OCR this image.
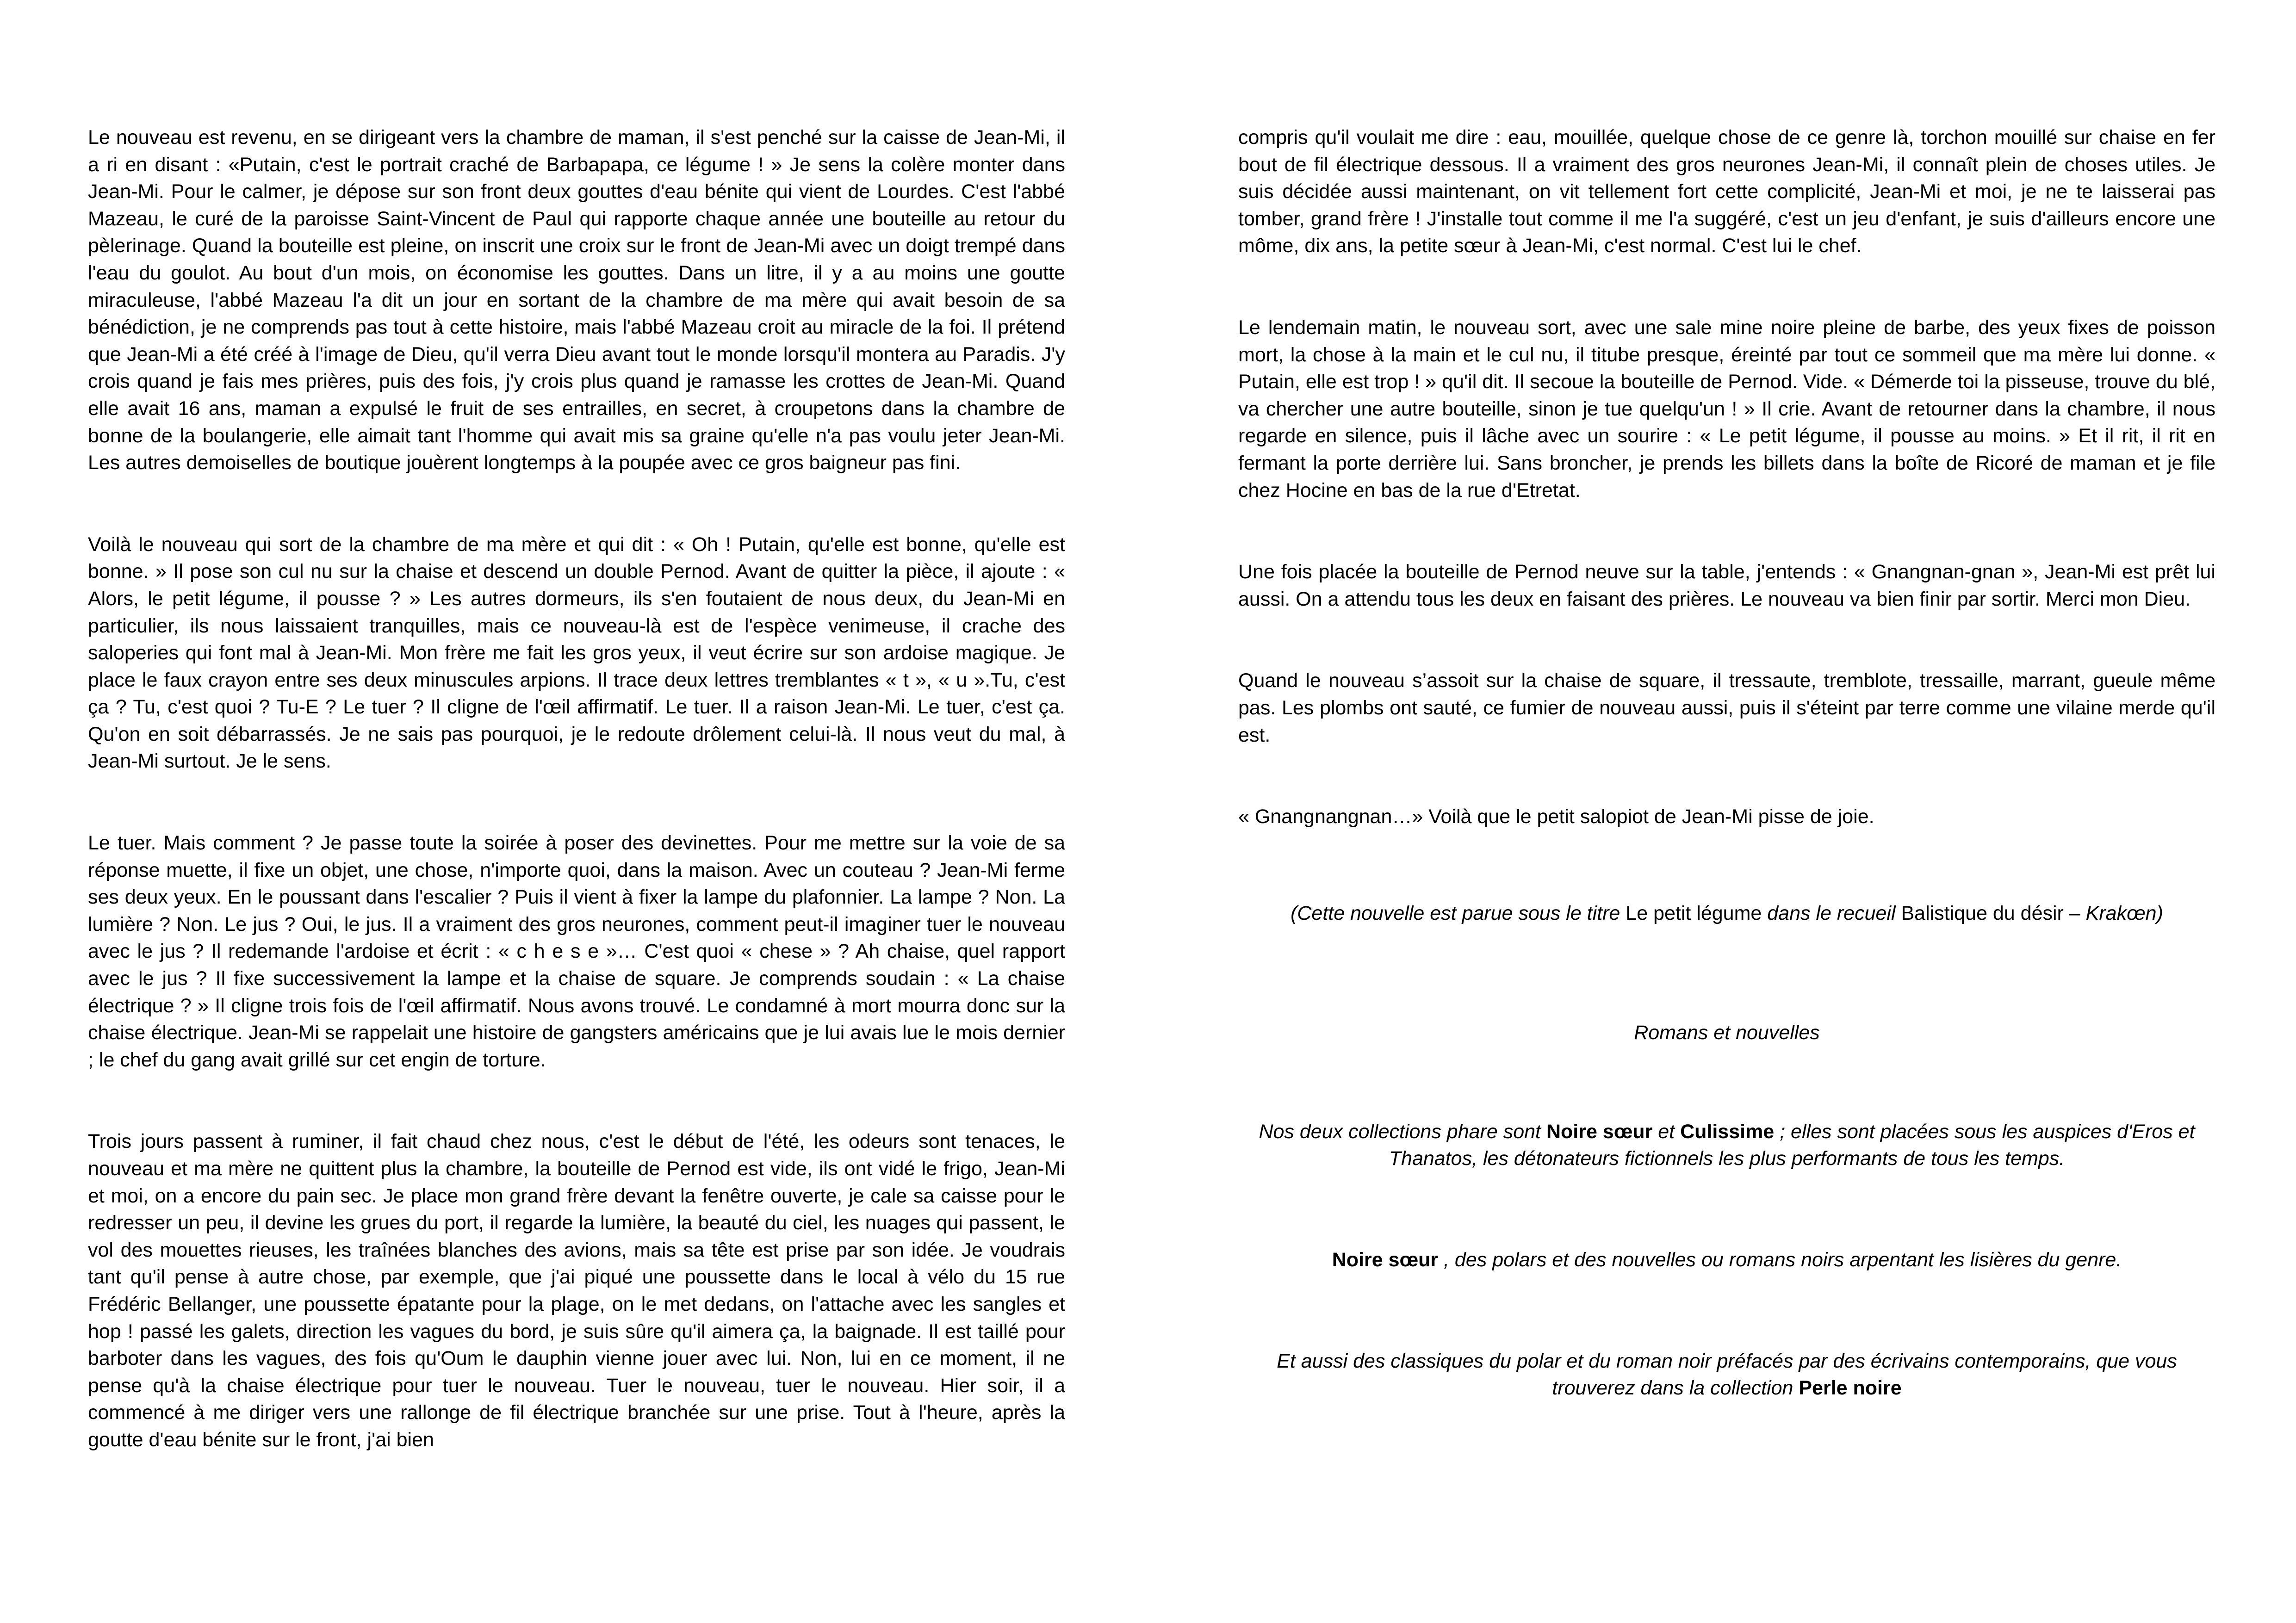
Le nouveau est revenu, en se dirigeant vers la chambre de maman, il s'est penché sur la caisse de Jean-Mi, il a ri en disant : «Putain, c'est le portrait craché de Barbapapa, ce légume ! » Je sens la colère monter dans Jean-Mi. Pour le calmer, je dépose sur son front deux gouttes d'eau bénite qui vient de Lourdes. C'est l'abbé Mazeau, le curé de la paroisse Saint-Vincent de Paul qui rapporte chaque année une bouteille au retour du pèlerinage. Quand la bouteille est pleine, on inscrit une croix sur le front de Jean-Mi avec un doigt trempé dans l'eau du goulot. Au bout d'un mois, on économise les gouttes. Dans un litre, il y a au moins une goutte miraculeuse, l'abbé Mazeau l'a dit un jour en sortant de la chambre de ma mère qui avait besoin de sa bénédiction, je ne comprends pas tout à cette histoire, mais l'abbé Mazeau croit au miracle de la foi. Il prétend que Jean-Mi a été créé à l'image de Dieu, qu'il verra Dieu avant tout le monde lorsqu'il montera au Paradis. J'y crois quand je fais mes prières, puis des fois, j'y crois plus quand je ramasse les crottes de Jean-Mi. Quand elle avait 16 ans, maman a expulsé le fruit de ses entrailles, en secret, à croupetons dans la chambre de bonne de la boulangerie, elle aimait tant l'homme qui avait mis sa graine qu'elle n'a pas voulu jeter Jean-Mi. Les autres demoiselles de boutique jouèrent longtemps à la poupée avec ce gros baigneur pas fini.

Voilà le nouveau qui sort de la chambre de ma mère et qui dit : « Oh ! Putain, qu'elle est bonne, qu'elle est bonne. » Il pose son cul nu sur la chaise et descend un double Pernod. Avant de quitter la pièce, il ajoute : « Alors, le petit légume, il pousse ? » Les autres dormeurs, ils s'en foutaient de nous deux, du Jean-Mi en particulier, ils nous laissaient tranquilles, mais ce nouveau-là est de l'espèce venimeuse, il crache des saloperies qui font mal à Jean-Mi. Mon frère me fait les gros yeux, il veut écrire sur son ardoise magique. Je place le faux crayon entre ses deux minuscules arpions. Il trace deux lettres tremblantes « t », « u ».Tu, c'est ça ? Tu, c'est quoi ? Tu-E ? Le tuer ? Il cligne de l'œil affirmatif. Le tuer. Il a raison Jean-Mi. Le tuer, c'est ça. Qu'on en soit débarrassés. Je ne sais pas pourquoi, je le redoute drôlement celui-là. Il nous veut du mal, à Jean-Mi surtout. Je le sens.

Le tuer. Mais comment ? Je passe toute la soirée à poser des devinettes. Pour me mettre sur la voie de sa réponse muette, il fixe un objet, une chose, n'importe quoi, dans la maison. Avec un couteau ? Jean-Mi ferme ses deux yeux. En le poussant dans l'escalier ? Puis il vient à fixer la lampe du plafonnier. La lampe ? Non. La lumière ? Non. Le jus ? Oui, le jus. Il a vraiment des gros neurones, comment peut-il imaginer tuer le nouveau avec le jus ? Il redemande l'ardoise et écrit : « c h e s e »… C'est quoi « chese » ? Ah chaise, quel rapport avec le jus ? Il fixe successivement la lampe et la chaise de square. Je comprends soudain : « La chaise électrique ? » Il cligne trois fois de l'œil affirmatif. Nous avons trouvé. Le condamné à mort mourra donc sur la chaise électrique. Jean-Mi se rappelait une histoire de gangsters américains que je lui avais lue le mois dernier ; le chef du gang avait grillé sur cet engin de torture.

Trois jours passent à ruminer, il fait chaud chez nous, c'est le début de l'été, les odeurs sont tenaces, le nouveau et ma mère ne quittent plus la chambre, la bouteille de Pernod est vide, ils ont vidé le frigo, Jean-Mi et moi, on a encore du pain sec. Je place mon grand frère devant la fenêtre ouverte, je cale sa caisse pour le redresser un peu, il devine les grues du port, il regarde la lumière, la beauté du ciel, les nuages qui passent, le vol des mouettes rieuses, les traînées blanches des avions, mais sa tête est prise par son idée. Je voudrais tant qu'il pense à autre chose, par exemple, que j'ai piqué une poussette dans le local à vélo du 15 rue Frédéric Bellanger, une poussette épatante pour la plage, on le met dedans, on l'attache avec les sangles et hop ! passé les galets, direction les vagues du bord, je suis sûre qu'il aimera ça, la baignade. Il est taillé pour barboter dans les vagues, des fois qu'Oum le dauphin vienne jouer avec lui. Non, lui en ce moment, il ne pense qu'à la chaise électrique pour tuer le nouveau. Tuer le nouveau, tuer le nouveau. Hier soir, il a commencé à me diriger vers une rallonge de fil électrique branchée sur une prise. Tout à l'heure, après la goutte d'eau bénite sur le front, j'ai bien

compris qu'il voulait me dire : eau, mouillée, quelque chose de ce genre là, torchon mouillé sur chaise en fer bout de fil électrique dessous. Il a vraiment des gros neurones Jean-Mi, il connaît plein de choses utiles. Je suis décidée aussi maintenant, on vit tellement fort cette complicité, Jean-Mi et moi, je ne te laisserai pas tomber, grand frère ! J'installe tout comme il me l'a suggéré, c'est un jeu d'enfant, je suis d'ailleurs encore une môme, dix ans, la petite sœur à Jean-Mi, c'est normal. C'est lui le chef.

Le lendemain matin, le nouveau sort, avec une sale mine noire pleine de barbe, des yeux fixes de poisson mort, la chose à la main et le cul nu, il titube presque, éreinté par tout ce sommeil que ma mère lui donne. « Putain, elle est trop ! » qu'il dit. Il secoue la bouteille de Pernod. Vide. « Démerde toi la pisseuse, trouve du blé, va chercher une autre bouteille, sinon je tue quelqu'un ! » Il crie. Avant de retourner dans la chambre, il nous regarde en silence, puis il lâche avec un sourire : « Le petit légume, il pousse au moins. » Et il rit, il rit en fermant la porte derrière lui. Sans broncher, je prends les billets dans la boîte de Ricoré de maman et je file chez Hocine en bas de la rue d'Etretat.

Une fois placée la bouteille de Pernod neuve sur la table, j'entends : « Gnangnan-gnan », Jean-Mi est prêt lui aussi. On a attendu tous les deux en faisant des prières. Le nouveau va bien finir par sortir. Merci mon Dieu.

Quand le nouveau s’assoit sur la chaise de square, il tressaute, tremblote, tressaille, marrant, gueule même pas. Les plombs ont sauté, ce fumier de nouveau aussi, puis il s'éteint par terre comme une vilaine merde qu'il est.

« Gnangnangnan…» Voilà que le petit salopiot de Jean-Mi pisse de joie.

(Cette nouvelle est parue sous le titre Le petit légume dans le recueil Balistique du désir – Krakœn)

Romans et nouvelles

Nos deux collections phare sont Noire sœur et Culissime ; elles sont placées sous les auspices d'Eros et Thanatos, les détonateurs fictionnels les plus performants de tous les temps.

Noire sœur , des polars et des nouvelles ou romans noirs arpentant les lisières du genre.

Et aussi des classiques du polar et du roman noir préfacés par des écrivains contemporains, que vous trouverez dans la collection Perle noire
